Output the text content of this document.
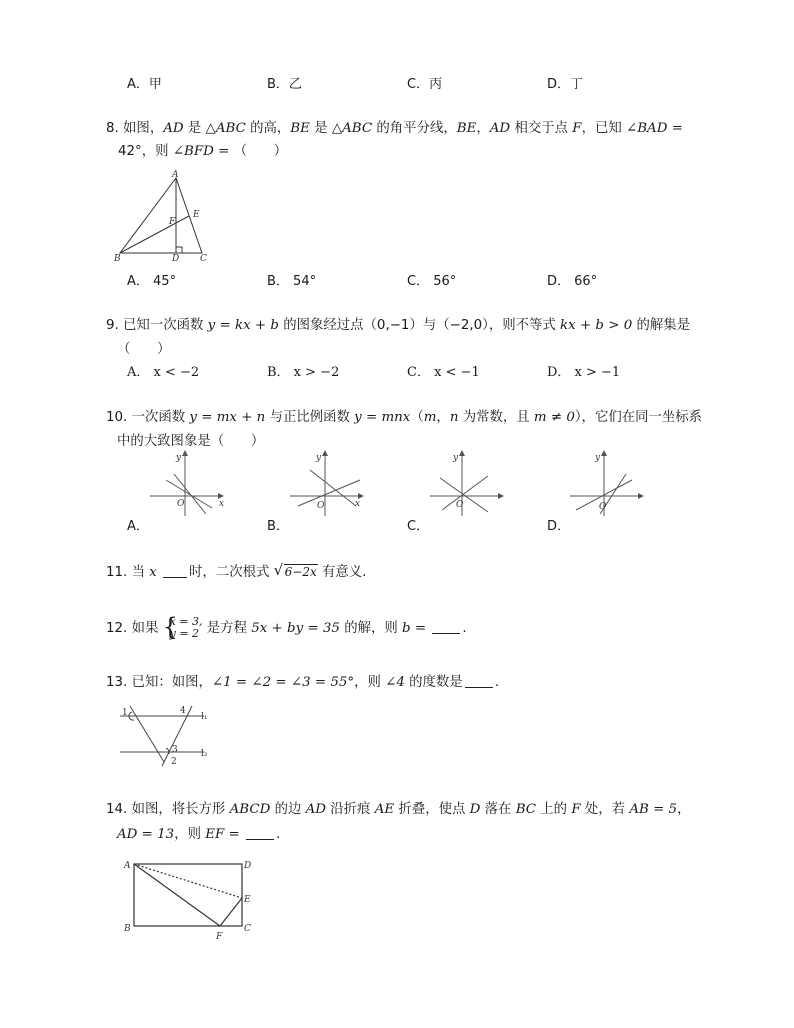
A．甲	B．乙	C．丙	D．丁
8. 如图，AD 是 △ABC 的高，BE 是 △ABC 的角平分线，BE，AD 相交于点 F，已知 ∠BAD =
42°，则 ∠BFD = （　　）
A
B	C
D
E
F
A． 45°	B． 54°	C． 56°	D． 66°
9. 已知一次函数 y = kx + b 的图象经过点（0,−1）与（−2,0），则不等式 kx + b > 0 的解集是
（　　）
A． x < −2	B． x > −2	C． x < −1	D． x > −1
10. 一次函数 y = mx + n 与正比例函数 y = mnx（m，n 为常数，且 m ≠ 0），它们在同一坐标系
中的大致图象是（　　）
y
x
O
y
x
O
y
O
y
O
A．	B．	C．	D．
11. 当 x 时，二次根式 √ 6−2x 有意义.
12. 如果 {
x = 3,
y = 2 是方程 5x + by = 35 的解，则 b =	.
13. 已知：如图，∠1 = ∠2 = ∠3 = 55°，则 ∠4 的度数是 .
1	4
l₁
3
2
l₂
14. 如图，将长方形 ABCD 的边 AD 沿折痕 AE 折叠，使点 D 落在 BC 上的 F 处，若 AB = 5，
AD = 13，则 EF =	.
A	D
B	C
E
F
